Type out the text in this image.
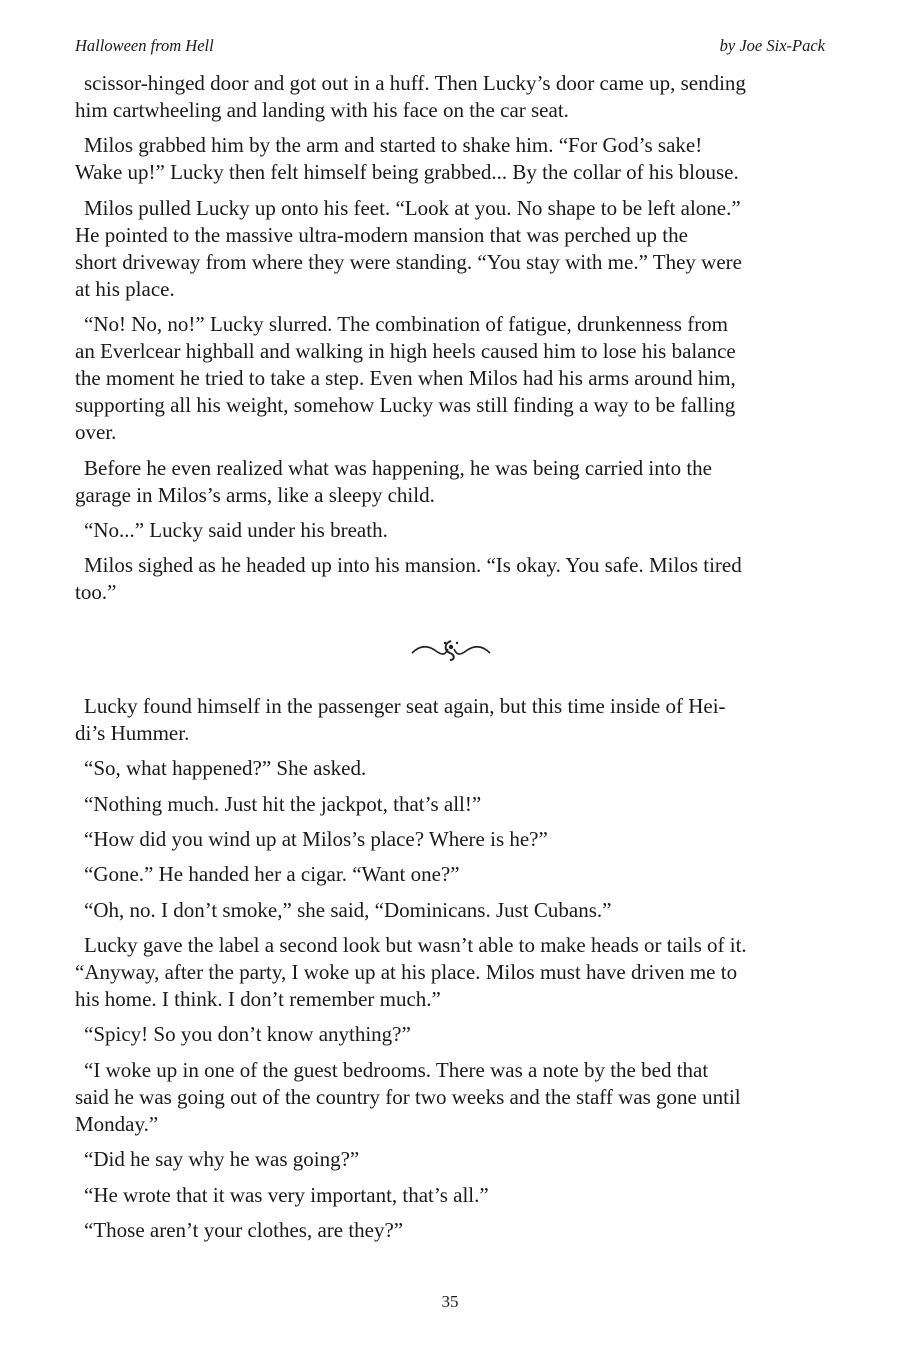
Halloween from Hell	by Joe Six-Pack

scissor-hinged door and got out in a huff. Then Lucky’s door came up, sending
him cartwheeling and landing with his face on the car seat.

Milos grabbed him by the arm and started to shake him. “For God’s sake!
Wake up!” Lucky then felt himself being grabbed... By the collar of his blouse.

Milos pulled Lucky up onto his feet. “Look at you. No shape to be left alone.”
He pointed to the massive ultra-modern mansion that was perched up the
short driveway from where they were standing. “You stay with me.” They were
at his place.

“No! No, no!” Lucky slurred. The combination of fatigue, drunkenness from
an Everlcear highball and walking in high heels caused him to lose his balance
the moment he tried to take a step. Even when Milos had his arms around him,
supporting all his weight, somehow Lucky was still finding a way to be falling
over.

Before he even realized what was happening, he was being carried into the
garage in Milos’s arms, like a sleepy child.

“No...” Lucky said under his breath.

Milos sighed as he headed up into his mansion. “Is okay. You safe. Milos tired
too.”

Lucky found himself in the passenger seat again, but this time inside of Hei-
di’s Hummer.

“So, what happened?” She asked.

“Nothing much. Just hit the jackpot, that’s all!”

“How did you wind up at Milos’s place? Where is he?”

“Gone.” He handed her a cigar. “Want one?”

“Oh, no. I don’t smoke,” she said, “Dominicans. Just Cubans.”

Lucky gave the label a second look but wasn’t able to make heads or tails of it.
“Anyway, after the party, I woke up at his place. Milos must have driven me to
his home. I think. I don’t remember much.”

“Spicy! So you don’t know anything?”

“I woke up in one of the guest bedrooms. There was a note by the bed that
said he was going out of the country for two weeks and the staff was gone until
Monday.”

“Did he say why he was going?”

“He wrote that it was very important, that’s all.”

“Those aren’t your clothes, are they?”

35
